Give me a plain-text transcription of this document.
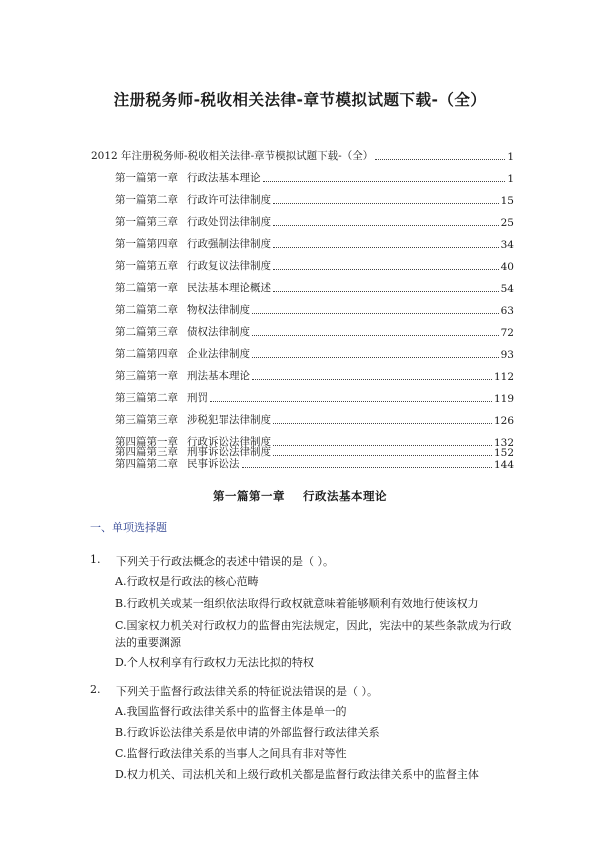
注册税务师-税收相关法律-章节模拟试题下载-（全）
2012 年注册税务师-税收相关法律-章节模拟试题下载-（全）	1
第一篇第一章 行政法基本理论	1
第一篇第二章 行政许可法律制度	15
第一篇第三章 行政处罚法律制度	25
第一篇第四章 行政强制法律制度	34
第一篇第五章 行政复议法律制度	40
第二篇第一章 民法基本理论概述	54
第二篇第二章 物权法律制度	63
第二篇第三章 债权法律制度	72
第二篇第四章 企业法律制度	93
第三篇第一章 刑法基本理论	112
第三篇第二章 刑罚	119
第三篇第三章 涉税犯罪法律制度	126
第四篇第一章 行政诉讼法律制度	132
第四篇第二章 民事诉讼法	144
第四篇第三章 刑事诉讼法律制度	152
第一篇第一章 行政法基本理论
一、单项选择题
1.	下列关于行政法概念的表述中错误的是（ ）。
A.行政权是行政法的核心范畴
B.行政机关或某一组织依法取得行政权就意味着能够顺利有效地行使该权力
C.国家权力机关对行政权力的监督由宪法规定，因此，宪法中的某些条款成为行政法的重要渊源
D.个人权利享有行政权力无法比拟的特权
2.	下列关于监督行政法律关系的特征说法错误的是（ ）。
A.我国监督行政法律关系中的监督主体是单一的
B.行政诉讼法律关系是依申请的外部监督行政法律关系
C.监督行政法律关系的当事人之间具有非对等性
D.权力机关、司法机关和上级行政机关都是监督行政法律关系中的监督主体
